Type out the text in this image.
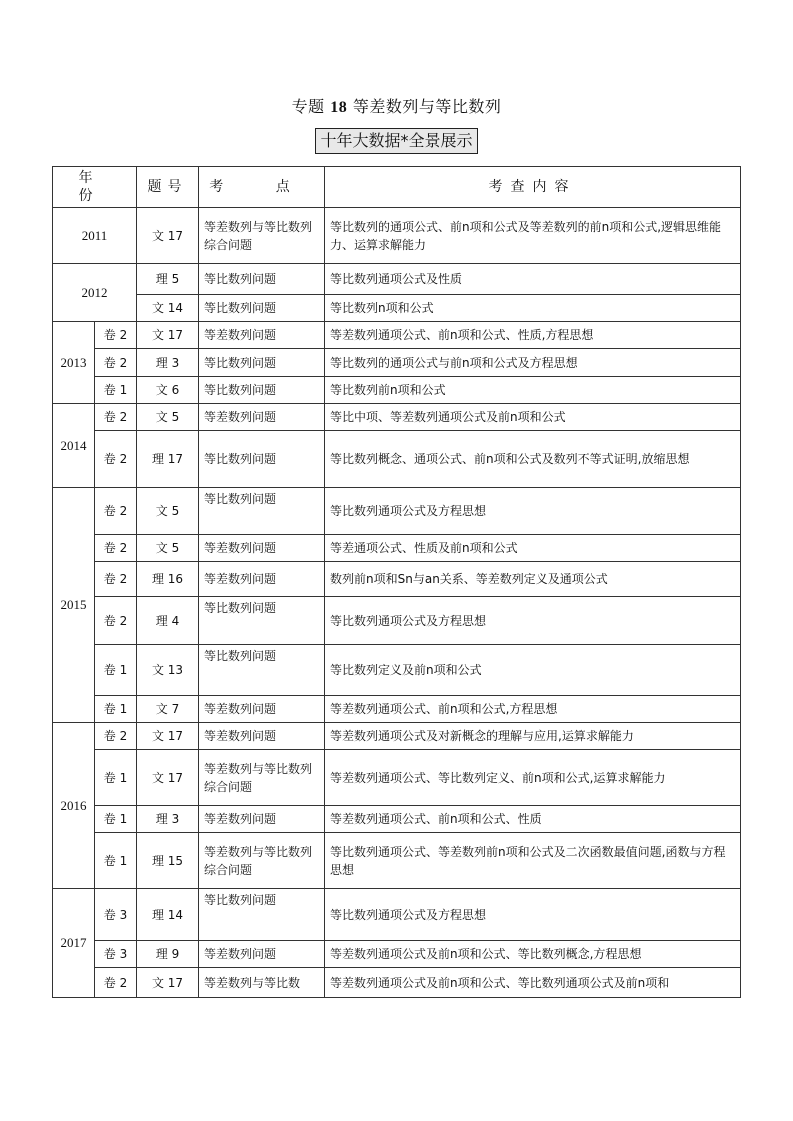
专题 18 等差数列与等比数列
十年大数据*全景展示
年 份		题号	考 点	考查内容
2011		文 17	等差数列与等比数列综合问题	等比数列的通项公式、前n项和公式及等差数列的前n项和公式,逻辑思维能力、运算求解能力
2012		理 5	等比数列问题	等比数列通项公式及性质
		文 14	等比数列问题	等比数列n项和公式
2013	卷 2	文 17	等差数列问题	等差数列通项公式、前n项和公式、性质,方程思想
	卷 2	理 3	等比数列问题	等比数列的通项公式与前n项和公式及方程思想
	卷 1	文 6	等比数列问题	等比数列前n项和公式
2014	卷 2	文 5	等差数列问题	等比中项、等差数列通项公式及前n项和公式
	卷 2	理 17	等比数列问题	等比数列概念、通项公式、前n项和公式及数列不等式证明,放缩思想
2015	卷 2	文 5	等比数列问题	等比数列通项公式及方程思想
	卷 2	文 5	等差数列问题	等差通项公式、性质及前n项和公式
	卷 2	理 16	等差数列问题	数列前n项和Sn与an关系、等差数列定义及通项公式
	卷 2	理 4	等比数列问题	等比数列通项公式及方程思想
	卷 1	文 13	等比数列问题	等比数列定义及前n项和公式
	卷 1	文 7	等差数列问题	等差数列通项公式、前n项和公式,方程思想
2016	卷 2	文 17	等差数列问题	等差数列通项公式及对新概念的理解与应用,运算求解能力
	卷 1	文 17	等差数列与等比数列综合问题	等差数列通项公式、等比数列定义、前n项和公式,运算求解能力
	卷 1	理 3	等差数列问题	等差数列通项公式、前n项和公式、性质
	卷 1	理 15	等差数列与等比数列综合问题	等比数列通项公式、等差数列前n项和公式及二次函数最值问题,函数与方程思想
2017	卷 3	理 14	等比数列问题	等比数列通项公式及方程思想
	卷 3	理 9	等差数列问题	等差数列通项公式及前n项和公式、等比数列概念,方程思想
	卷 2	文 17	等差数列与等比数	等差数列通项公式及前n项和公式、等比数列通项公式及前n项和
